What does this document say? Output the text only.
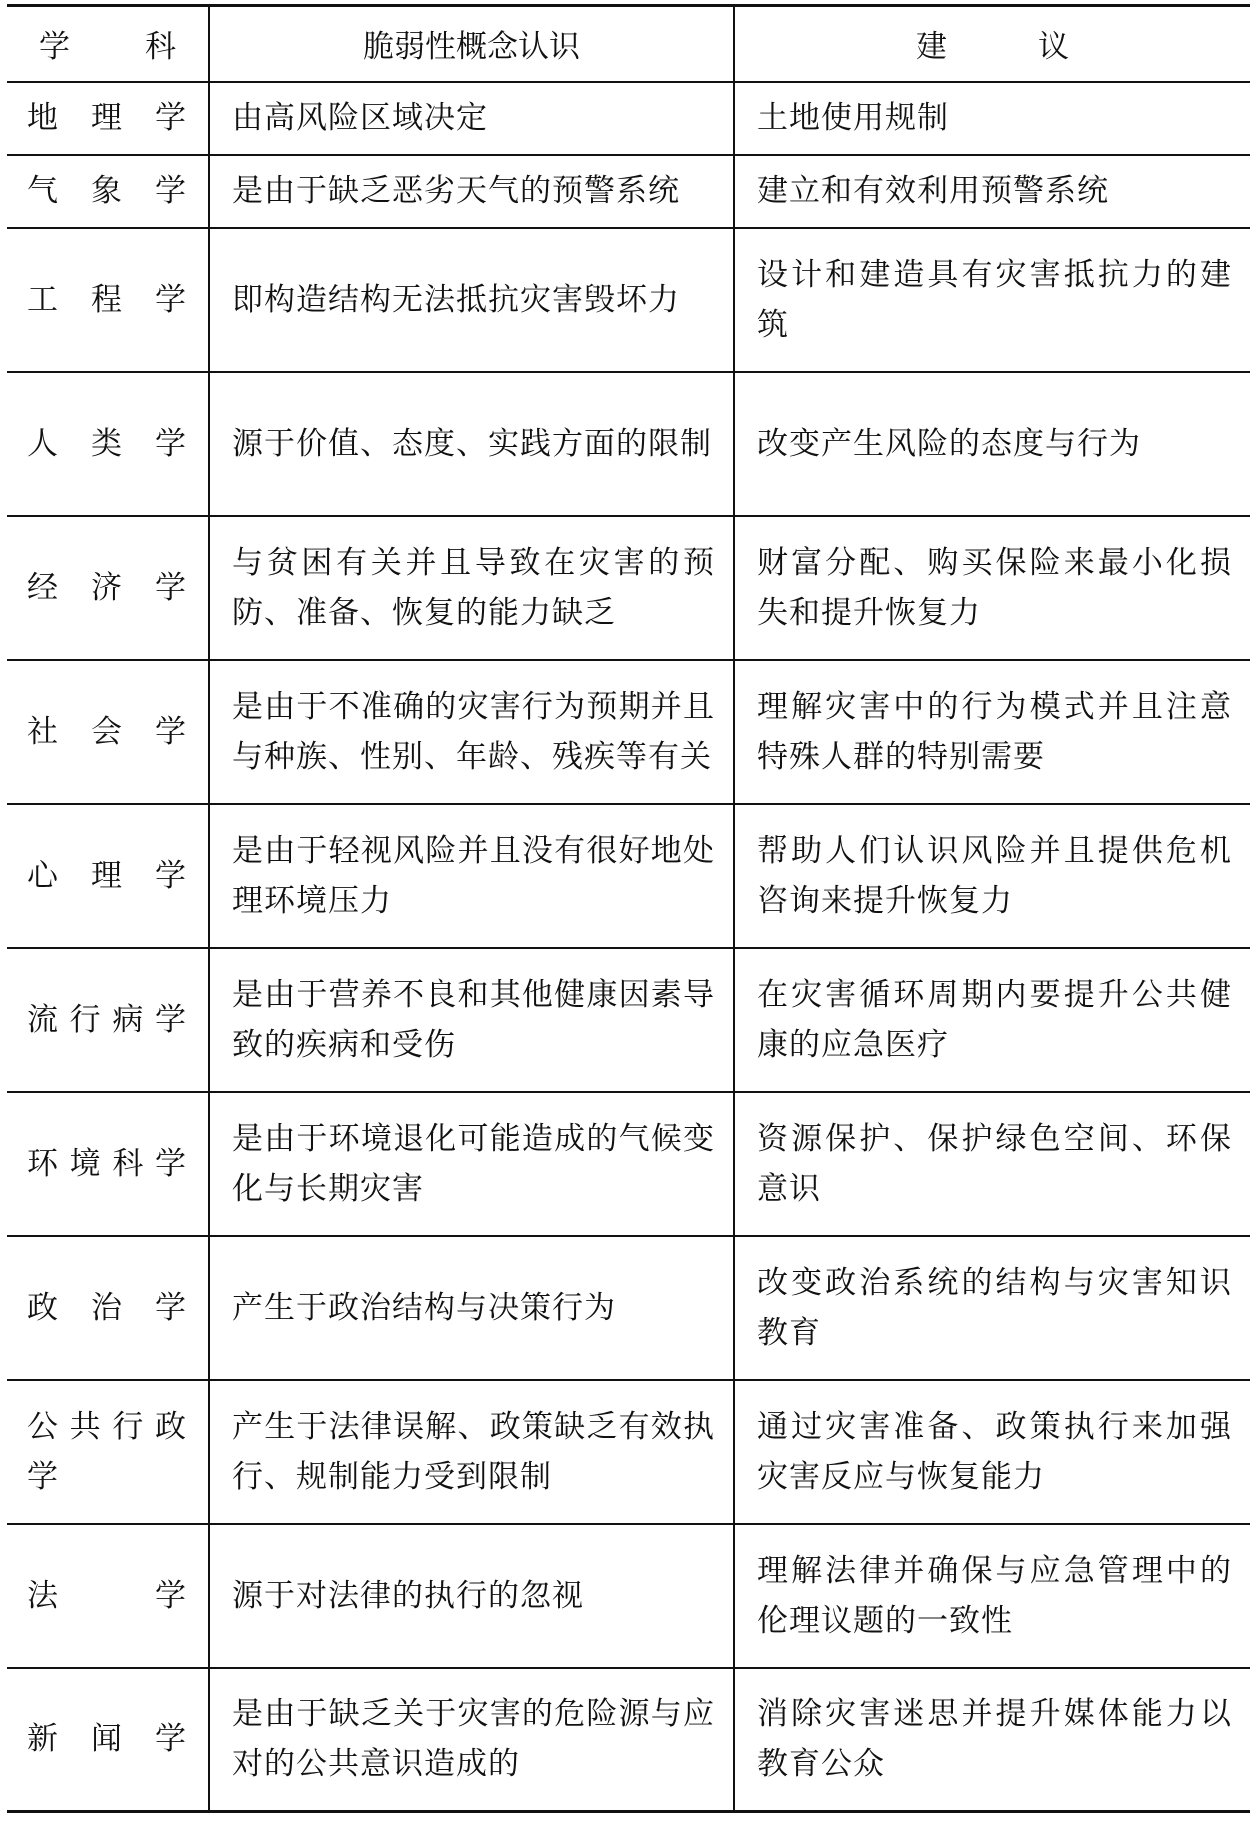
学　科	脆弱性概念认识	建　议
地理学	由高风险区域决定	土地使用规制
气象学	是由于缺乏恶劣天气的预警系统	建立和有效利用预警系统
工程学	即构造结构无法抵抗灾害毁坏力	设计和建造具有灾害抵抗力的建筑
人类学	源于价值、态度、实践方面的限制	改变产生风险的态度与行为
经济学	与贫困有关并且导致在灾害的预防、准备、恢复的能力缺乏	财富分配、购买保险来最小化损失和提升恢复力
社会学	是由于不准确的灾害行为预期并且与种族、性别、年龄、残疾等有关	理解灾害中的行为模式并且注意特殊人群的特别需要
心理学	是由于轻视风险并且没有很好地处理环境压力	帮助人们认识风险并且提供危机咨询来提升恢复力
流行病学	是由于营养不良和其他健康因素导致的疾病和受伤	在灾害循环周期内要提升公共健康的应急医疗
环境科学	是由于环境退化可能造成的气候变化与长期灾害	资源保护、保护绿色空间、环保意识
政治学	产生于政治结构与决策行为	改变政治系统的结构与灾害知识教育
公共行政学	产生于法律误解、政策缺乏有效执行、规制能力受到限制	通过灾害准备、政策执行来加强灾害反应与恢复能力
法学	源于对法律的执行的忽视	理解法律并确保与应急管理中的伦理议题的一致性
新闻学	是由于缺乏关于灾害的危险源与应对的公共意识造成的	消除灾害迷思并提升媒体能力以教育公众
